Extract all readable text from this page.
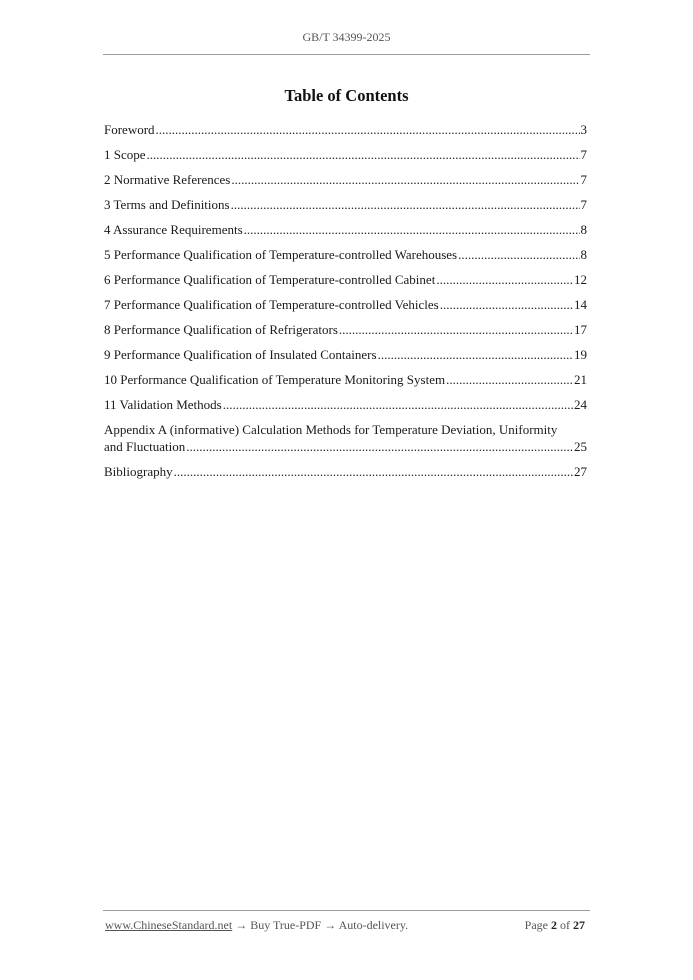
GB/T 34399-2025
Table of Contents
Foreword .....	3
1 Scope .....	7
2 Normative References .....	7
3 Terms and Definitions .....	7
4 Assurance Requirements .....	8
5 Performance Qualification of Temperature-controlled Warehouses .....	8
6 Performance Qualification of Temperature-controlled Cabinet .....	12
7 Performance Qualification of Temperature-controlled Vehicles .....	14
8 Performance Qualification of Refrigerators .....	17
9 Performance Qualification of Insulated Containers .....	19
10 Performance Qualification of Temperature Monitoring System .....	21
11 Validation Methods .....	24
Appendix A (informative) Calculation Methods for Temperature Deviation, Uniformity
and Fluctuation .....	25
Bibliography .....	27
www.ChineseStandard.net → Buy True-PDF → Auto-delivery.	Page 2 of 27
